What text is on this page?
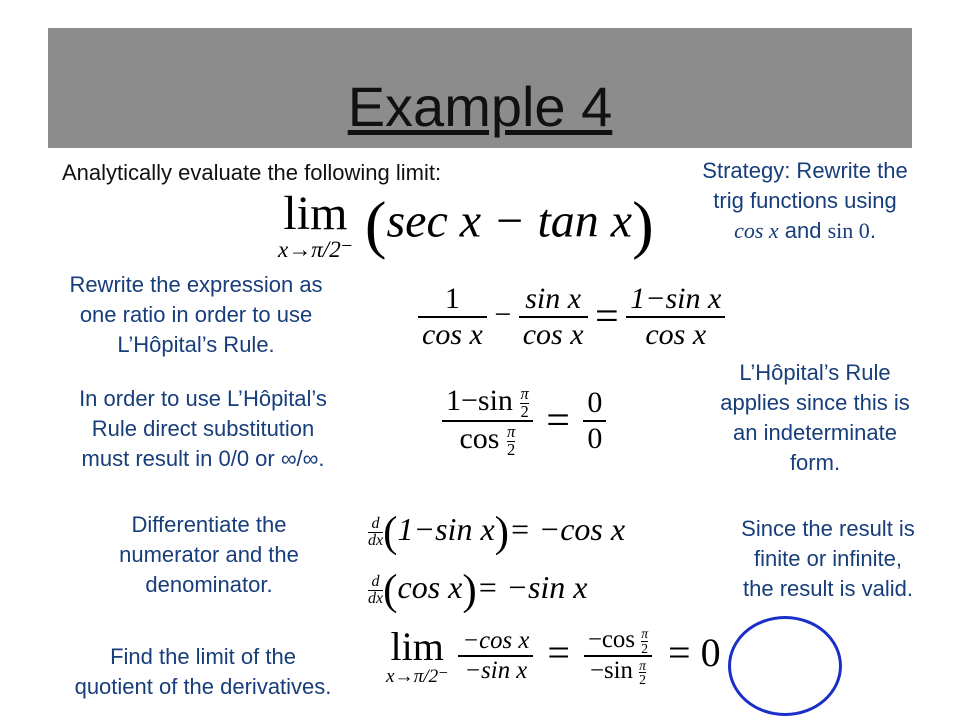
Example 4
Analytically evaluate the following limit:	Strategy: Rewrite the
trig functions using
cos x and sin 0.
lim
x→π/2⁻ (sec x − tan x)
Rewrite the expression as
one ratio in order to use
L’Hôpital’s Rule.	$\frac{1}{\text{cos x}} - \frac{\text{sin x}}{\text{cos x}} = \frac{\text{1−sin x}}{\text{cos x}}$
In order to use L’Hôpital’s
Rule direct substitution
must result in 0/0 or ∞/∞.
$\frac{1-\sin \frac{\pi}{2}}{\cos \frac{\pi}{2}} = \frac{0}{0}$
L’Hôpital’s Rule
applies since this is
an indeterminate
form.
Differentiate the
numerator and the
denominator.
$\frac{d}{dx} (1-\sin$ x)= −cos x
$\frac{d}{dx} (\cos$ x)= −sin x
Since the result is
finite or infinite,
the result is valid.
Find the limit of the
quotient of the derivatives.
lim
x→π/2⁻
$\frac{\text{−cos x}}{\text{−sin x}} = \frac{-\cos \frac{\pi}{2}}{-\sin \frac{\pi}{2}} = 0$
